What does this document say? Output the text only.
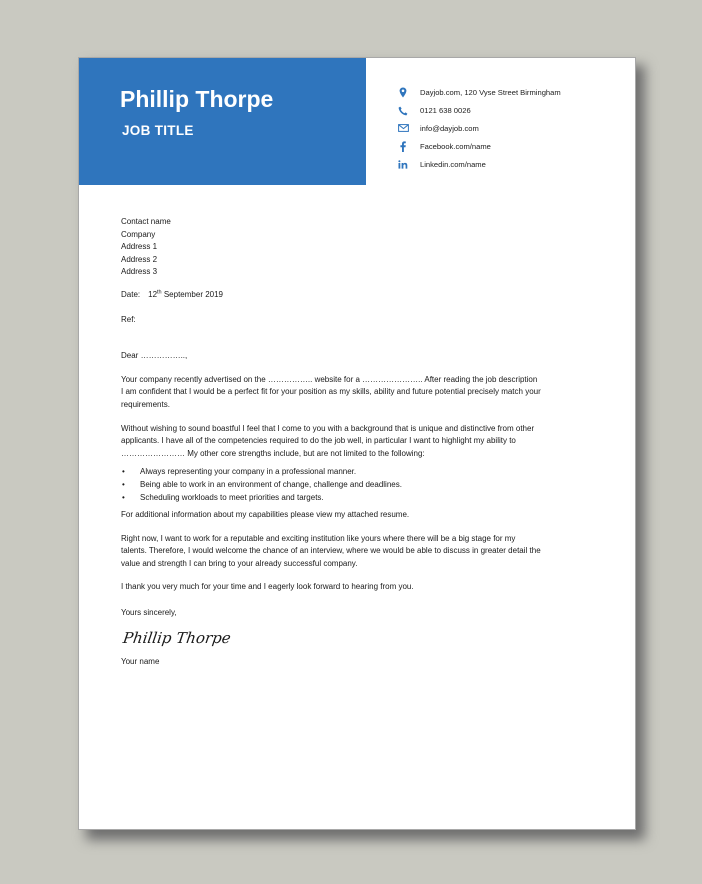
Phillip Thorpe
JOB TITLE
Dayjob.com, 120 Vyse Street Birmingham
0121 638 0026
info@dayjob.com
Facebook.com/name
Linkedin.com/name

Contact name
Company
Address 1
Address 2
Address 3

Date: 12th September 2019

Ref:

Dear ……………..,

Your company recently advertised on the …………….. website for a ………………….. After reading the job description I am confident that I would be a perfect fit for your position as my skills, ability and future potential precisely match your requirements.

Without wishing to sound boastful I feel that I come to you with a background that is unique and distinctive from other applicants. I have all of the competencies required to do the job well, in particular I want to highlight my ability to …………………… My other core strengths include, but are not limited to the following:

• Always representing your company in a professional manner.
• Being able to work in an environment of change, challenge and deadlines.
• Scheduling workloads to meet priorities and targets.

For additional information about my capabilities please view my attached resume.

Right now, I want to work for a reputable and exciting institution like yours where there will be a big stage for my talents. Therefore, I would welcome the chance of an interview, where we would be able to discuss in greater detail the value and strength I can bring to your already successful company.

I thank you very much for your time and I eagerly look forward to hearing from you.

Yours sincerely,

Phillip Thorpe

Your name
